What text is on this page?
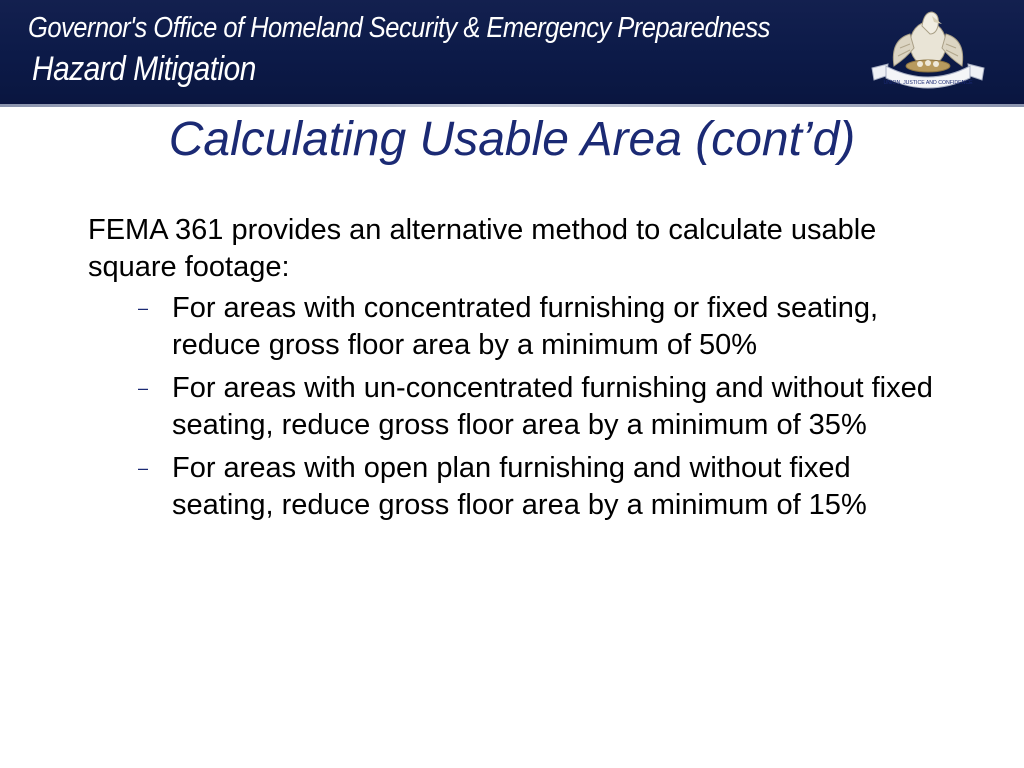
Governor's Office of Homeland Security & Emergency Preparedness
Hazard Mitigation	UNION, JUSTICE AND CONFIDENCE
Calculating Usable Area (cont’d)

FEMA 361 provides an alternative method to calculate usable square footage:

– For areas with concentrated furnishing or fixed seating, reduce gross floor area by a minimum of 50%
– For areas with un-concentrated furnishing and without fixed seating, reduce gross floor area by a minimum of 35%
– For areas with open plan furnishing and without fixed seating, reduce gross floor area by a minimum of 15%
